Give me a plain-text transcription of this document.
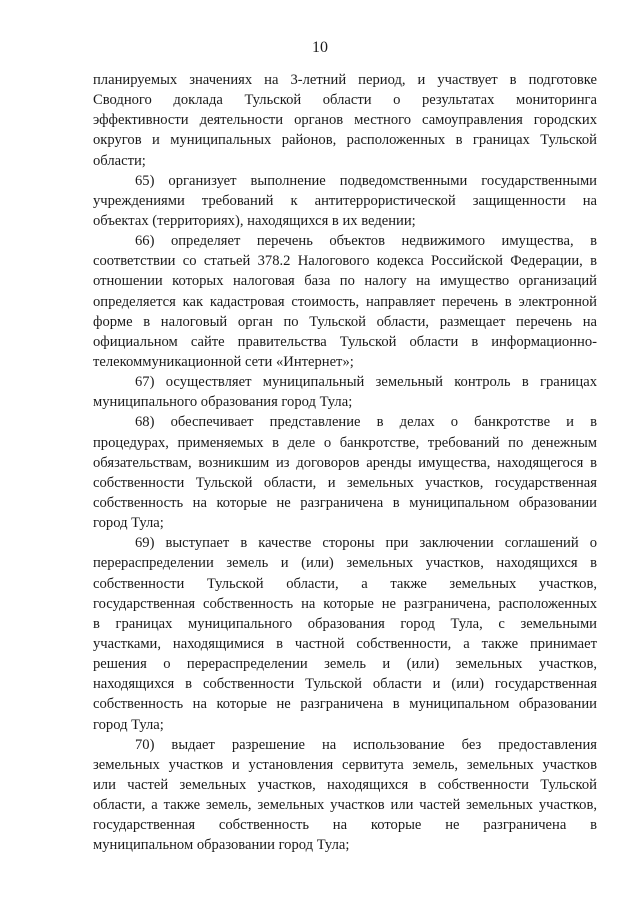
10
планируемых значениях на 3-летний период, и участвует в подготовке
Сводного доклада Тульской области о результатах мониторинга
эффективности деятельности органов местного самоуправления городских
округов и муниципальных районов, расположенных в границах Тульской
области;
65) организует выполнение подведомственными государственными
учреждениями требований к антитеррористической защищенности на
объектах (территориях), находящихся в их ведении;
66) определяет перечень объектов недвижимого имущества, в
соответствии со статьей 378.2 Налогового кодекса Российской Федерации, в
отношении которых налоговая база по налогу на имущество организаций
определяется как кадастровая стоимость, направляет перечень в электронной
форме в налоговый орган по Тульской области, размещает перечень на
официальном сайте правительства Тульской области в информационно-
телекоммуникационной сети «Интернет»;
67) осуществляет муниципальный земельный контроль в границах
муниципального образования город Тула;
68) обеспечивает представление в делах о банкротстве и в
процедурах, применяемых в деле о банкротстве, требований по денежным
обязательствам, возникшим из договоров аренды имущества, находящегося в
собственности Тульской области, и земельных участков, государственная
собственность на которые не разграничена в муниципальном образовании
город Тула;
69) выступает в качестве стороны при заключении соглашений о
перераспределении земель и (или) земельных участков, находящихся в
собственности Тульской области, а также земельных участков,
государственная собственность на которые не разграничена, расположенных
в границах муниципального образования город Тула, с земельными
участками, находящимися в частной собственности, а также принимает
решения о перераспределении земель и (или) земельных участков,
находящихся в собственности Тульской области и (или) государственная
собственность на которые не разграничена в муниципальном образовании
город Тула;
70) выдает разрешение на использование без предоставления
земельных участков и установления сервитута земель, земельных участков
или частей земельных участков, находящихся в собственности Тульской
области, а также земель, земельных участков или частей земельных участков,
государственная собственность на которые не разграничена в
муниципальном образовании город Тула;
